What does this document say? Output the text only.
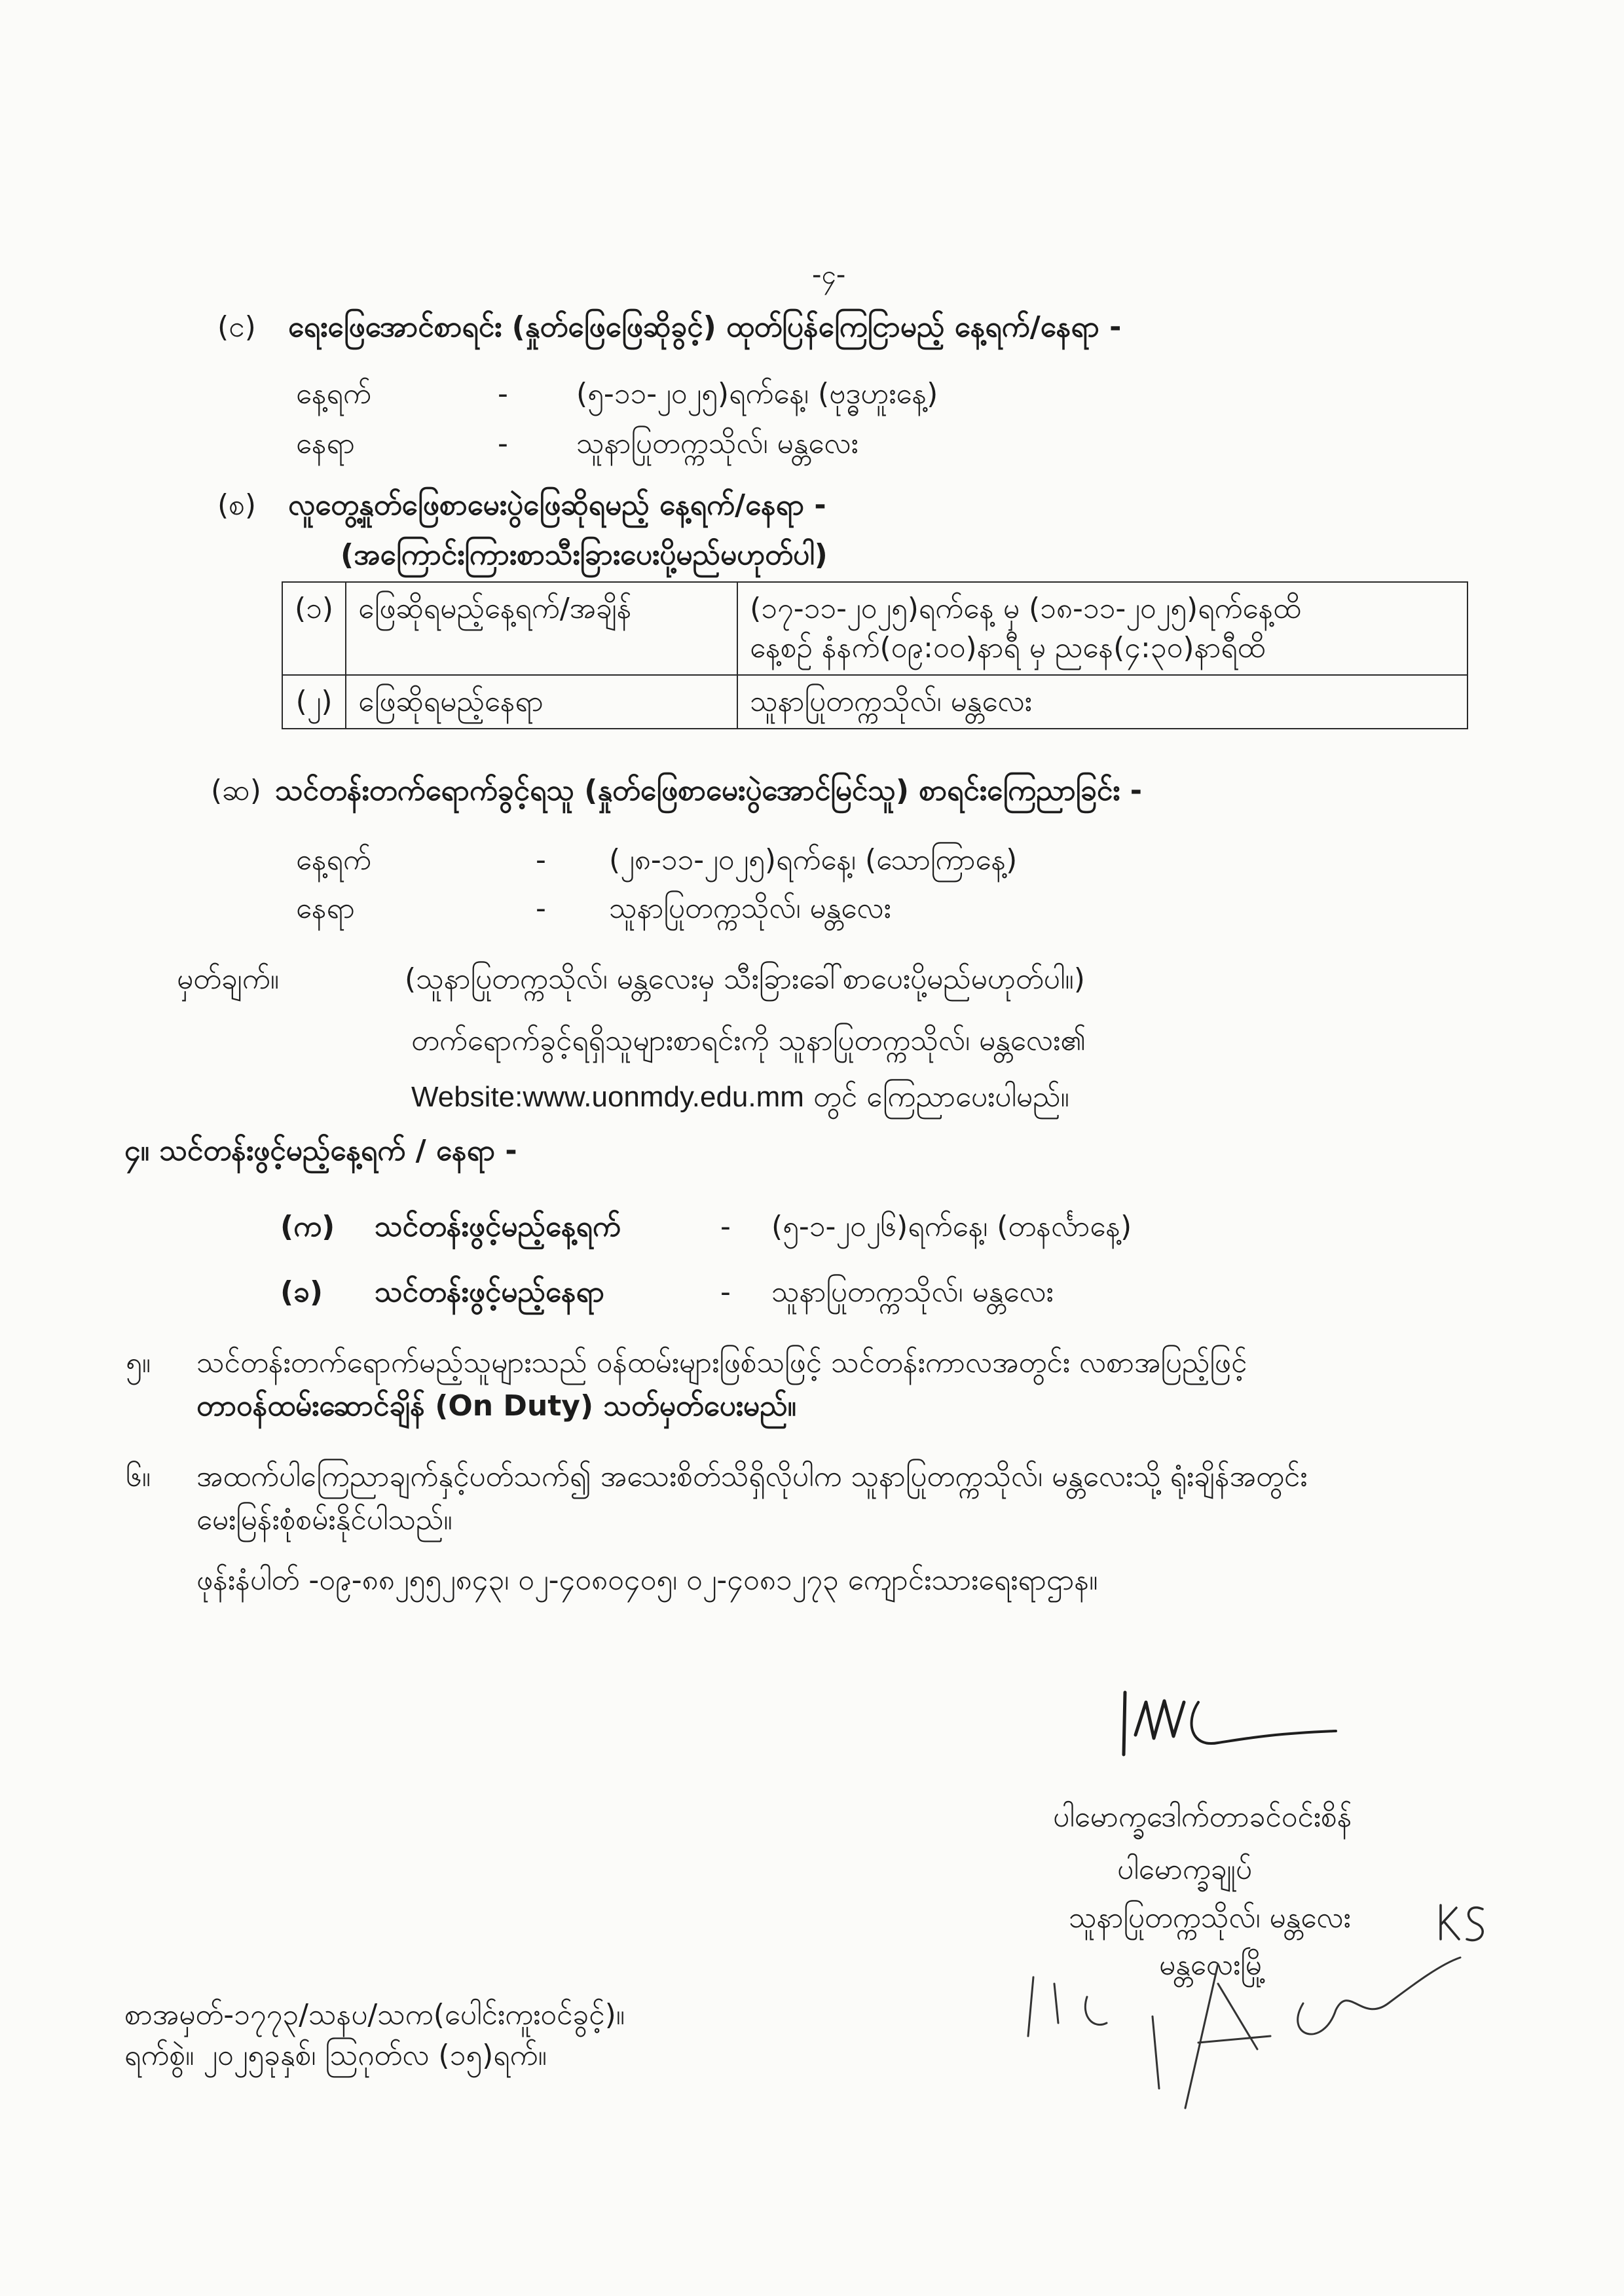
-၄-
(င) ရေးဖြေအောင်စာရင်း (နှုတ်ဖြေဖြေဆိုခွင့်) ထုတ်ပြန်ကြေငြာမည့် နေ့ရက်/နေရာ -
နေ့ရက်	- (၅-၁၁-၂၀၂၅)ရက်နေ့၊ (ဗုဒ္ဓဟူးနေ့)
နေရာ	- သူနာပြုတက္ကသိုလ်၊ မန္တလေး
(စ) လူတွေ့နှုတ်ဖြေစာမေးပွဲဖြေဆိုရမည့် နေ့ရက်/နေရာ -
(အကြောင်းကြားစာသီးခြားပေးပို့မည်မဟုတ်ပါ)
(၁)	ဖြေဆိုရမည့်နေ့ရက်/အချိန်	(၁၇-၁၁-၂၀၂၅)ရက်နေ့ မှ (၁၈-၁၁-၂၀၂၅)ရက်နေ့ထိ
နေ့စဉ် နံနက်(၀၉:၀၀)နာရီ မှ ညနေ(၄:၃၀)နာရီထိ

(၂)	ဖြေဆိုရမည့်နေရာ	သူနာပြုတက္ကသိုလ်၊ မန္တလေး
(ဆ) သင်တန်းတက်ရောက်ခွင့်ရသူ (နှုတ်ဖြေစာမေးပွဲအောင်မြင်သူ) စာရင်းကြေညာခြင်း -
နေ့ရက်	- (၂၈-၁၁-၂၀၂၅)ရက်နေ့၊ (သောကြာနေ့)
နေရာ	- သူနာပြုတက္ကသိုလ်၊ မန္တလေး
မှတ်ချက်။	(သူနာပြုတက္ကသိုလ်၊ မန္တလေးမှ သီးခြားခေါ်စာပေးပို့မည်မဟုတ်ပါ။)
တက်ရောက်ခွင့်ရရှိသူများစာရင်းကို သူနာပြုတက္ကသိုလ်၊ မန္တလေး၏
Website:www.uonmdy.edu.mm တွင် ကြေညာပေးပါမည်။
၄။ သင်တန်းဖွင့်မည့်နေ့ရက် / နေရာ -
(က) သင်တန်းဖွင့်မည့်နေ့ရက်	- (၅-၁-၂၀၂၆)ရက်နေ့၊ (တနင်္လာနေ့)
(ခ) သင်တန်းဖွင့်မည့်နေရာ	- သူနာပြုတက္ကသိုလ်၊ မန္တလေး
၅။ သင်တန်းတက်ရောက်မည့်သူများသည် ဝန်ထမ်းများဖြစ်သဖြင့် သင်တန်းကာလအတွင်း လစာအပြည့်ဖြင့်
တာဝန်ထမ်းဆောင်ချိန် (On Duty) သတ်မှတ်ပေးမည်။
၆။ အထက်ပါကြေညာချက်နှင့်ပတ်သက်၍ အသေးစိတ်သိရှိလိုပါက သူနာပြုတက္ကသိုလ်၊ မန္တလေးသို့ ရုံးချိန်အတွင်း
မေးမြန်းစုံစမ်းနိုင်ပါသည်။
ဖုန်းနံပါတ် -၀၉-၈၈၂၅၅၂၈၄၃၊ ၀၂-၄၀၈၀၄၀၅၊ ၀၂-၄၀၈၁၂၇၃ ကျောင်းသားရေးရာဌာန။
ပါမောက္ခဒေါက်တာခင်ဝင်းစိန်
ပါမောက္ခချုပ်
သူနာပြုတက္ကသိုလ်၊ မန္တလေး
မန္တလေးမြို့
စာအမှတ်-၁၇၇၃/သနပ/သက(ပေါင်းကူးဝင်ခွင့်)။
ရက်စွဲ။ ၂၀၂၅ခုနှစ်၊ ဩဂုတ်လ (၁၅)ရက်။
